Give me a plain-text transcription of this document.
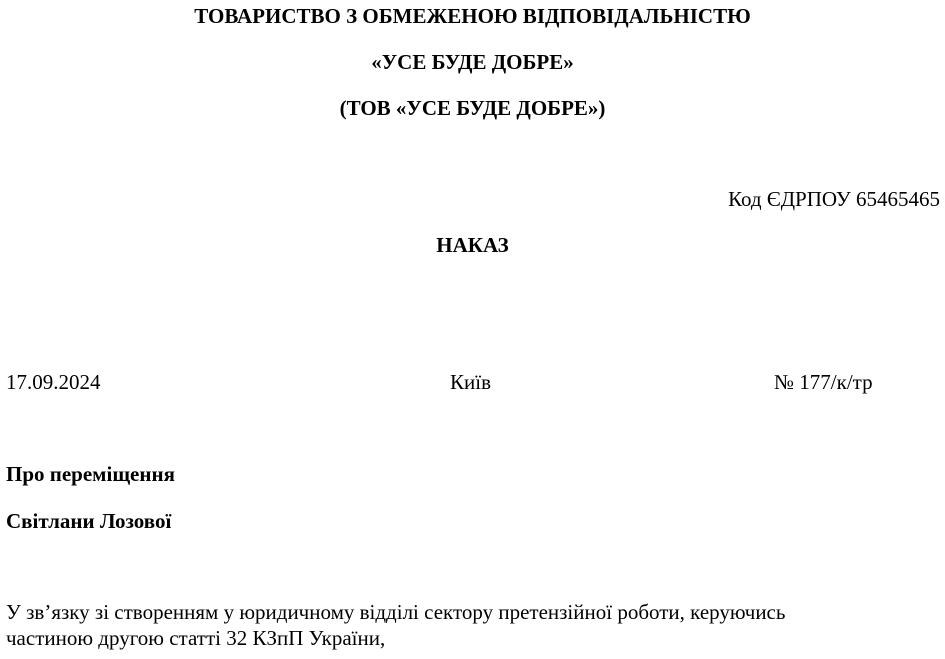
ТОВАРИСТВО З ОБМЕЖЕНОЮ ВІДПОВІДАЛЬНІСТЮ
«УСЕ БУДЕ ДОБРЕ»
(ТОВ «УСЕ БУДЕ ДОБРЕ»)
Код ЄДРПОУ 65465465
НАКАЗ
17.09.2024	Київ	№ 177/к/тр
Про переміщення
Світлани Лозової
У зв’язку зі створенням у юридичному відділі сектору претензійної роботи, керуючись
частиною другою статті 32 КЗпП України,
